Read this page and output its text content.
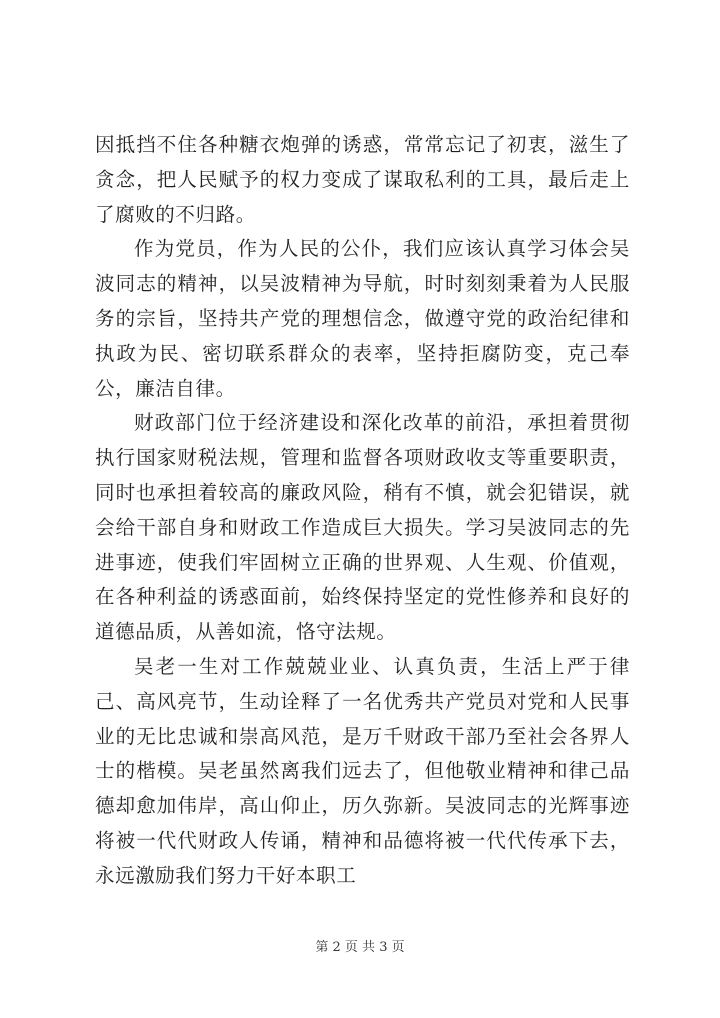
因抵挡不住各种糖衣炮弹的诱惑，常常忘记了初衷，滋生了贪念，把人民赋予的权力变成了谋取私利的工具，最后走上了腐败的不归路。

作为党员，作为人民的公仆，我们应该认真学习体会吴波同志的精神，以吴波精神为导航，时时刻刻秉着为人民服务的宗旨，坚持共产党的理想信念，做遵守党的政治纪律和执政为民、密切联系群众的表率，坚持拒腐防变，克己奉公，廉洁自律。

财政部门位于经济建设和深化改革的前沿，承担着贯彻执行国家财税法规，管理和监督各项财政收支等重要职责，同时也承担着较高的廉政风险，稍有不慎，就会犯错误，就会给干部自身和财政工作造成巨大损失。学习吴波同志的先进事迹，使我们牢固树立正确的世界观、人生观、价值观，在各种利益的诱惑面前，始终保持坚定的党性修养和良好的道德品质，从善如流，恪守法规。

吴老一生对工作兢兢业业、认真负责，生活上严于律己、高风亮节，生动诠释了一名优秀共产党员对党和人民事业的无比忠诚和崇高风范，是万千财政干部乃至社会各界人士的楷模。吴老虽然离我们远去了，但他敬业精神和律己品德却愈加伟岸，高山仰止，历久弥新。吴波同志的光辉事迹将被一代代财政人传诵，精神和品德将被一代代传承下去，永远激励我们努力干好本职工

第 2 页 共 3 页
